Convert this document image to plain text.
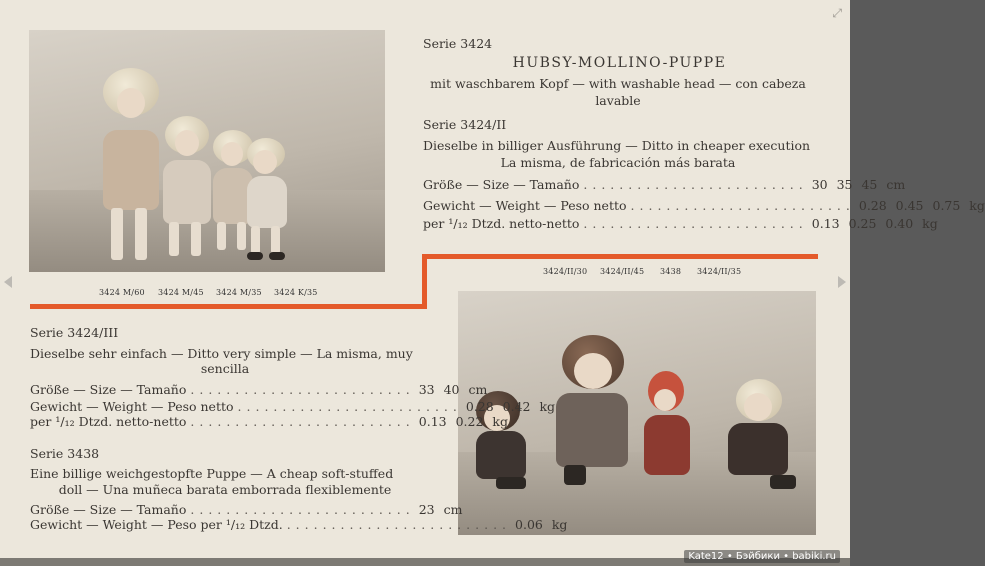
3424 M/60 3424 M/45 3424 M/35 3424 K/35
Serie 3424
HUBSY-MOLLINO-PUPPE
mit waschbarem Kopf — with washable head — con cabeza
lavable
Serie 3424/II
Dieselbe in billiger Ausführung — Ditto in cheaper execution
La misma, de fabricación más barata
Größe — Size — Tamaño ......................... 30 35 45 cm
Gewicht — Weight — Peso netto ......................... 0.28 0.45 0.75 kg
per ¹/₁₂ Dtzd. netto-netto ......................... 0.13 0.25 0.40 kg
3424/II/30 3424/II/45 3438 3424/II/35
Serie 3424/III
Dieselbe sehr einfach — Ditto very simple — La misma, muy
sencilla
Größe — Size — Tamaño ......................... 33 40 cm
Gewicht — Weight — Peso netto ......................... 0.28 0.42 kg
per ¹/₁₂ Dtzd. netto-netto ......................... 0.13 0.22 kg
Serie 3438
Eine billige weichgestopfte Puppe — A cheap soft-stuffed
doll — Una muñeca barata emborrada flexiblemente
Größe — Size — Tamaño ......................... 23 cm
Gewicht — Weight — Peso per ¹/₁₂ Dtzd. ......................... 0.06 kg
⤢
Kate12 • Бэйбики • babiki.ru
